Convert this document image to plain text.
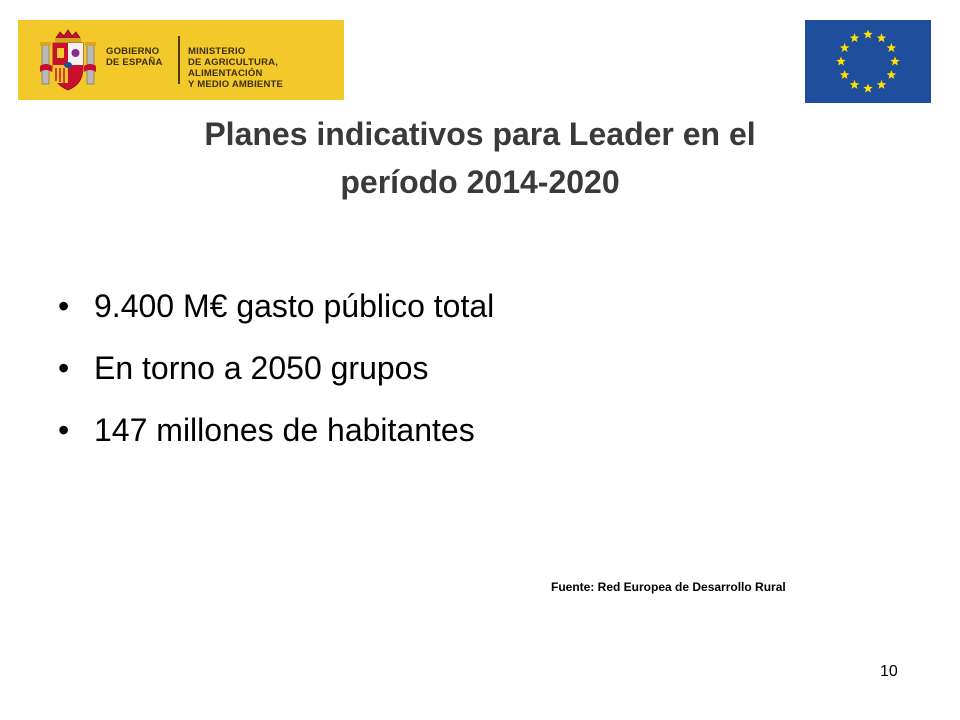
GOBIERNO
DE ESPAÑA
MINISTERIO
DE AGRICULTURA, ALIMENTACIÓN
Y MEDIO AMBIENTE
Planes indicativos para Leader en el
período 2014-2020
• 9.400 M€ gasto público total
• En torno a 2050 grupos
• 147 millones de habitantes
Fuente: Red Europea de Desarrollo Rural
10
